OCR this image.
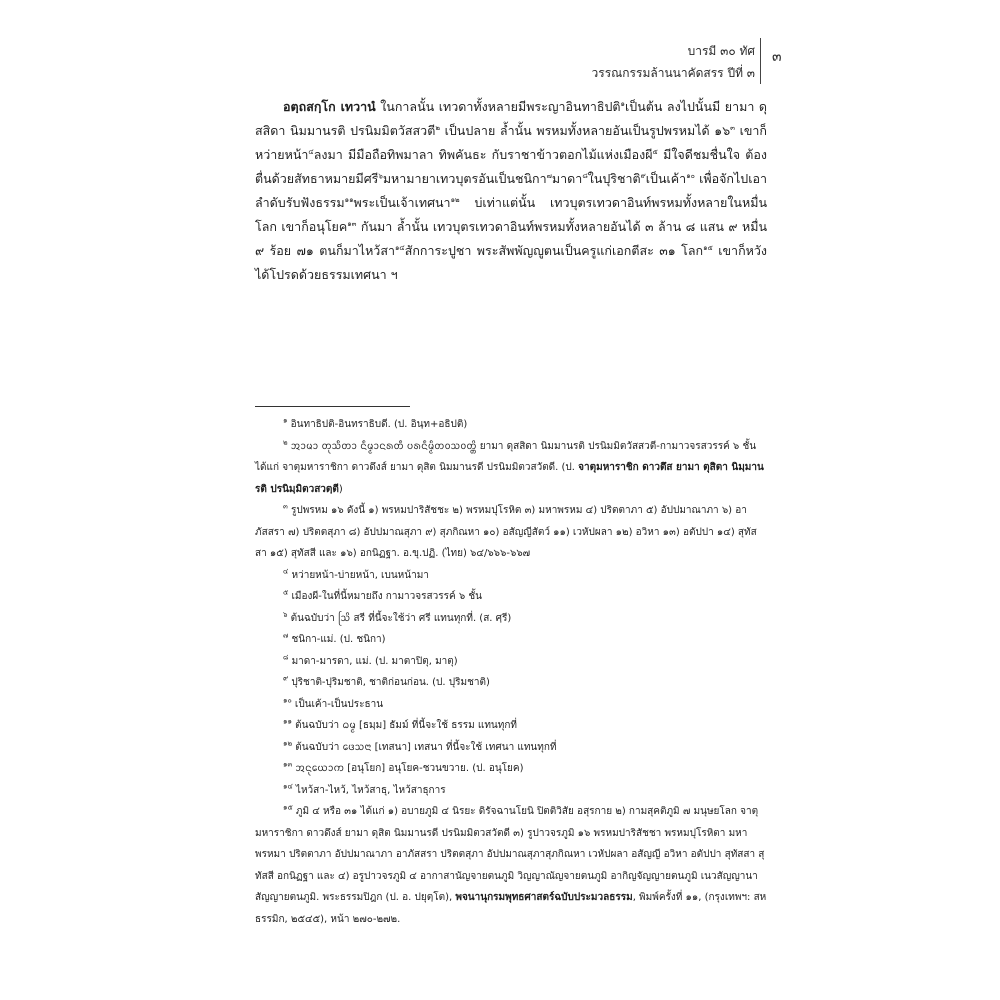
บารมี ๓๐ ทัศ
วรรณกรรมล้านนาคัดสรร ปีที่ ๓
๓

อตฺถสกฺโก เทวานํ ในกาลนั้น เทวดาทั้งหลายมีพระญาอินทาธิปติ$^๑$เป็นต้น ลงไปนั้นมี ยามา ดุสสิดา นิมมานรติ ปรนิมมิตวัสสวตี$^๒$ เป็นปลาย ล้ำนั้น พรหมทั้งหลายอันเป็นรูปพรหมได้ ๑๖$^๓$ เขาก็หว่ายหน้า$^๔$ลงมา มีมือถือทิพมาลา ทิพคันธะ กับราชาข้าวตอกไม้แห่งเมืองผี$^๕$ มีใจดีชมชื่นใจ ต้องตื่นด้วยสัทธาหมายมีศรี$^๖$มหามายาเทวบุตรอันเป็นชนิกา$^๗$มาดา$^๘$ในปุริชาติ$^๙$เป็นเค้า$^{๑๐}$ เพื่อจักไปเอาลำดับรับฟังธรรม$^{๑๑}$พระเป็นเจ้าเทศนา$^{๑๒}$ บ่เท่าแต่นั้น เทวบุตรเทวดาอินท์พรหมทั้งหลายในหมื่นโลก เขาก็อนุโยค$^{๑๓}$ กันมา ล้ำนั้น เทวบุตรเทวดาอินท์พรหมทั้งหลายอันได้ ๓ ล้าน ๘ แสน ๙ หมื่น ๙ ร้อย ๗๑ ตนก็มาไหว้สา$^{๑๔}$สักการะปูชา พระสัพพัญญูตนเป็นครูแก่เอกตีสะ ๓๑ โลก$^{๑๕}$ เขาก็หวังได้โปรดด้วยธรรมเทศนา ฯ

$^๑$ อินทาธิปติ-อินทราธิบดี. (ป. อินฺท+อธิปติ)

$^๒$ ᩋᩣᨾᩣ ᨲᩩᩈᩥᨲᩣ ᨶᩥᨾ᩠ᨾᩣᨶᩁᨲᩥ ᨷᩁᨶᩥᨾ᩠ᨾᩥᨲᩅᩈᩅᨲ᩠ᨲᩦ ยามา ดุสสิดา นิมมานรติ ปรนิมมิตวัสสวตี-กามาวจรสวรรค์ ๖ ชั้น ได้แก่ จาตุมหาราชิกา ดาวดึงส์ ยามา ดุสิต นิมมานรดี ปรนิมมิตวสวัตดี. (ป. จาตุมหาราชิก ดาวตึส ยามา ตุสิตา นิมฺมานรติ ปรนิมฺมิตวสวตฺตี)

$^๓$ รูปพรหม ๑๖ ดังนี้ ๑) พรหมปาริสัชชะ ๒) พรหมปุโรหิต ๓) มหาพรหม ๔) ปริตตาภา ๕) อัปปมาณาภา ๖) อาภัสสรา ๗) ปริตตสุภา ๘) อัปปมาณสุภา ๙) สุภกิณหา ๑๐) อสัญญีสัตว์ ๑๑) เวหัปผลา ๑๒) อวิหา ๑๓) อตัปปา ๑๔) สุทัสสา ๑๕) สุทัสสี และ ๑๖) อกนิฏฐา. อ.ขุ.ปฏิ. (ไทย) ๖๔/๖๖๖-๖๖๗

$^๔$ หว่ายหน้า-บ่ายหน้า, เบนหน้ามา

$^๕$ เมืองผี-ในที่นี้หมายถึง กามาวจรสวรรค์ ๖ ชั้น

$^๖$ ต้นฉบับว่า ᩈᩕᩦ สรี ที่นี้จะใช้ว่า ศรี แทนทุกที่. (ส. ศฺรี)

$^๗$ ชนิกา-แม่. (ป. ชนิกา)

$^๘$ มาดา-มารดา, แม่. (ป. มาตาปิตุ, มาตุ)

$^๙$ ปุริชาติ-ปุริมชาติ, ชาติก่อนก่อน. (ป. ปุริมชาติ)

$^{๑๐}$ เป็นเค้า-เป็นประธาน

$^{๑๑}$ ต้นฉบับว่า ᨵᨾ᩠ᨾ [ธมฺม] ธัมม์ ที่นี้จะใช้ ธรรม แทนทุกที่

$^{๑๒}$ ต้นฉบับว่า ᨴᩮᩈᨶᩣ [เทสนา] เทสนา ที่นี้จะใช้ เทศนา แทนทุกที่

$^{๑๓}$ ᩋᨶᩩᨿᩮᩣᨠ [อนุโยก] อนุโยค-ชวนขวาย. (ป. อนุโยค)

$^{๑๔}$ ไหว้สา-ไหว้, ไหว้สาธุ, ไหว้สาธุการ

$^{๑๕}$ ภูมิ ๔ หรือ ๓๑ ได้แก่ ๑) อบายภูมิ ๔ นิรยะ ดิรัจฉานโยนิ ปิตติวิสัย อสุรกาย ๒) กามสุคติภูมิ ๗ มนุษยโลก จาตุมหาราชิกา ดาวดึงส์ ยามา ดุสิต นิมมานรดี ปรนิมมิตวสวัตดี ๓) รูปาวจรภูมิ ๑๖ พรหมปาริสัชชา พรหมปุโรหิตา มหาพรหมา ปริตตาภา อัปปมาณาภา อาภัสสรา ปริตตสุภา อัปปมาณสุภาสุภกิณหา เวหัปผลา อสัญญี อวิหา อตัปปา สุทัสสา สุทัสสี อกนิฏฐา และ ๔) อรูปาวจรภูมิ ๔ อากาสานัญจายตนภูมิ วิญญาณัญจายตนภูมิ อากิญจัญญายตนภูมิ เนวสัญญานาสัญญายตนภูมิ. พระธรรมปิฎก (ป. อ. ปยุตฺโต), พจนานุกรมพุทธศาสตร์ฉบับประมวลธรรม, พิมพ์ครั้งที่ ๑๑, (กรุงเทพฯ: สหธรรมิก, ๒๕๔๕), หน้า ๒๗๐-๒๗๒.
